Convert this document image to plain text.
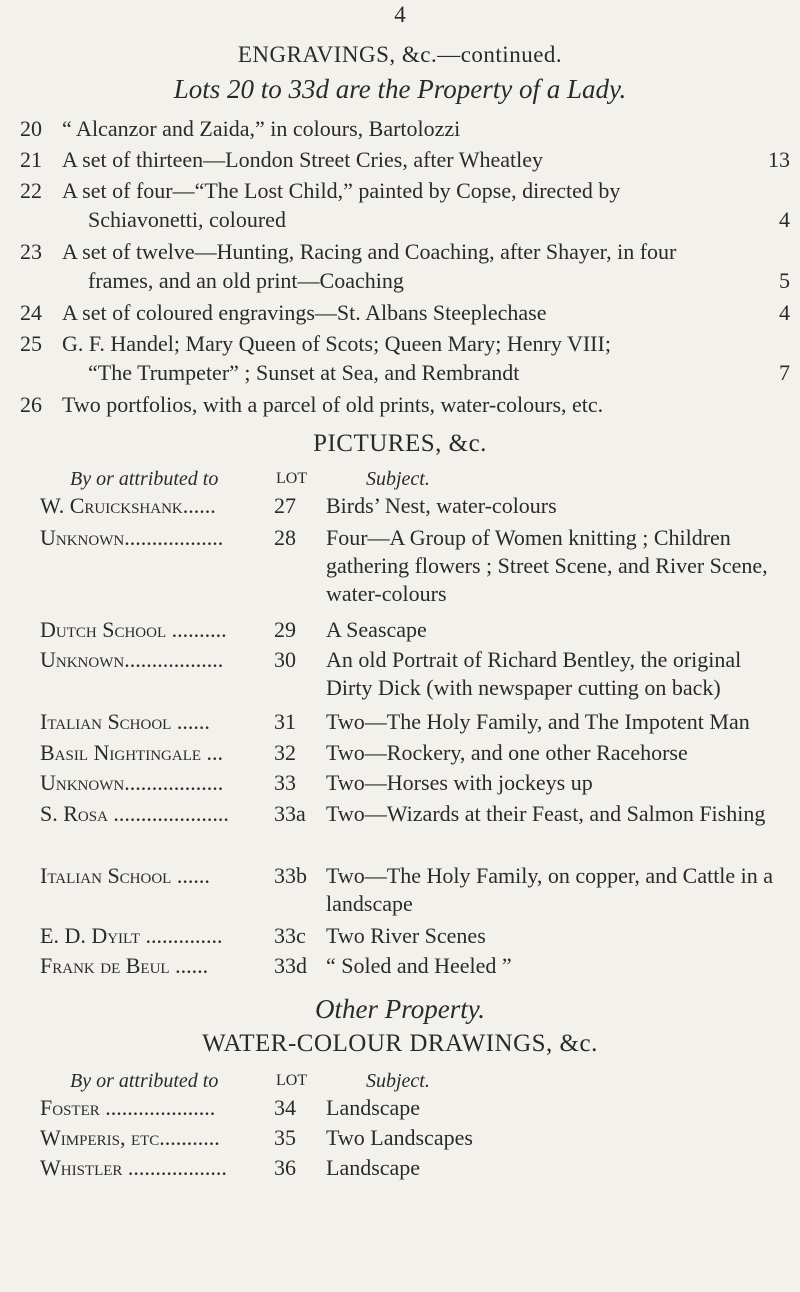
4
ENGRAVINGS, &c.—continued.
Lots 20 to 33d are the Property of a Lady.
20 “ Alcanzor and Zaida,” in colours, Bartolozzi
21 A set of thirteen—London Street Cries, after Wheatley	13
22 A set of four—“The Lost Child,” painted by Copse, directed by
Schiavonetti, coloured	4
23 A set of twelve—Hunting, Racing and Coaching, after Shayer, in four
frames, and an old print—Coaching	5
24 A set of coloured engravings—St. Albans Steeplechase	4
25 G. F. Handel; Mary Queen of Scots; Queen Mary; Henry VIII;
“The Trumpeter” ; Sunset at Sea, and Rembrandt	7
26 Two portfolios, with a parcel of old prints, water-colours, etc.
PICTURES, &c.
By or attributed to	LOT	Subject.
W. Cruickshank......	27	Birds’ Nest, water-colours
Unknown..................	28	Four—A Group of Women knitting ; Children gathering flowers ; Street Scene, and River Scene, water-colours
Dutch School ..........	29	A Seascape
Unknown..................	30	An old Portrait of Richard Bentley, the original Dirty Dick (with newspaper cutting on back)
Italian School ......	31	Two—The Holy Family, and The Impotent Man
Basil Nightingale ...	32	Two—Rockery, and one other Racehorse
Unknown..................	33	Two—Horses with jockeys up
S. Rosa .....................	33a Two—Wizards at their Feast, and Salmon Fishing
Italian School ......	33b Two—The Holy Family, on copper, and Cattle in a landscape
E. D. Dyilt ..............	33c Two River Scenes
Frank de Beul ......	33d “ Soled and Heeled ”
Other Property.
WATER-COLOUR DRAWINGS, &c.
By or attributed to	LOT	Subject.
Foster ....................	34	Landscape
Wimperis, etc...........	35	Two Landscapes
Whistler ..................	36	Landscape
